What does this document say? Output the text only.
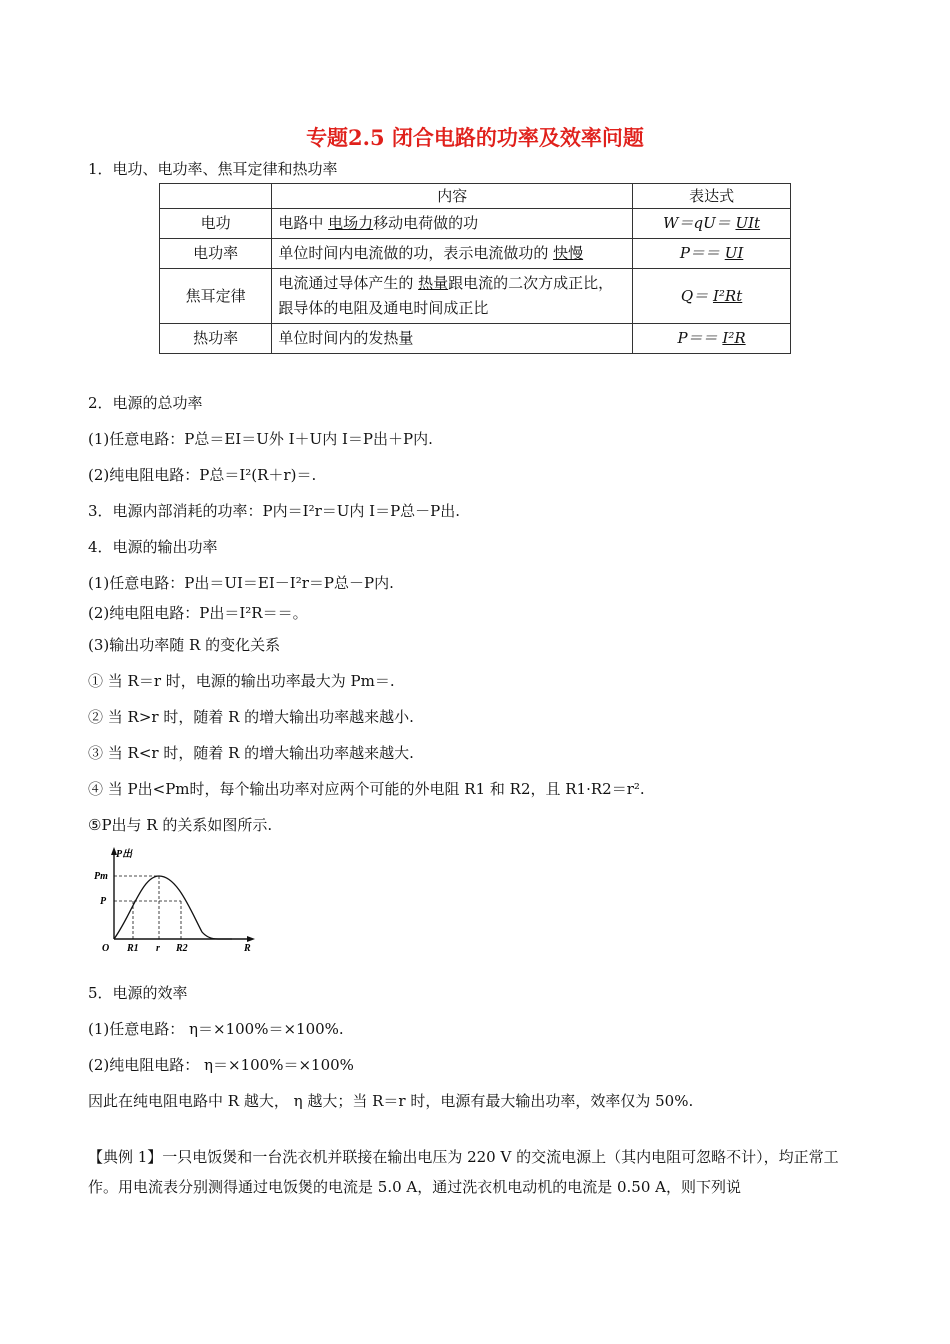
专题2.5 闭合电路的功率及效率问题
1．电功、电功率、焦耳定律和热功率
	内容	表达式
电功	电路中 电场力移动电荷做的功	W＝qU＝ UIt
电功率	单位时间内电流做的功，表示电流做功的 快慢	P＝＝ UI
焦耳定律	电流通过导体产生的 热量跟电流的二次方成正比，跟导体的电阻及通电时间成正比	Q＝ I²Rt
热功率	单位时间内的发热量	P＝＝ I²R
2．电源的总功率
(1)任意电路：P总＝EI＝U外 I＋U内 I＝P出＋P内.
(2)纯电阻电路：P总＝I²(R＋r)＝.
3．电源内部消耗的功率：P内＝I²r＝U内 I＝P总－P出.
4．电源的输出功率
(1)任意电路：P出＝UI＝EI－I²r＝P总－P内.
(2)纯电阻电路：P出＝I²R＝＝。
(3)输出功率随 R 的变化关系
① 当 R＝r 时，电源的输出功率最大为 Pm＝.
② 当 R>r 时，随着 R 的增大输出功率越来越小.
③ 当 R<r 时，随着 R 的增大输出功率越来越大.
④ 当 P出<Pm时，每个输出功率对应两个可能的外电阻 R1 和 R2，且 R1·R2＝r².
⑤P出与 R 的关系如图所示.
P出
Pm
P
O R1 r R2	R
5．电源的效率
(1)任意电路： η＝×100%＝×100%.
(2)纯电阻电路： η＝×100%＝×100%
因此在纯电阻电路中 R 越大， η 越大；当 R＝r 时，电源有最大输出功率，效率仅为 50%.
【典例 1】一只电饭煲和一台洗衣机并联接在输出电压为 220 V 的交流电源上（其内电阻可忽略不计），均正常工作。用电流表分别测得通过电饭煲的电流是 5.0 A，通过洗衣机电动机的电流是 0.50 A，则下列说
